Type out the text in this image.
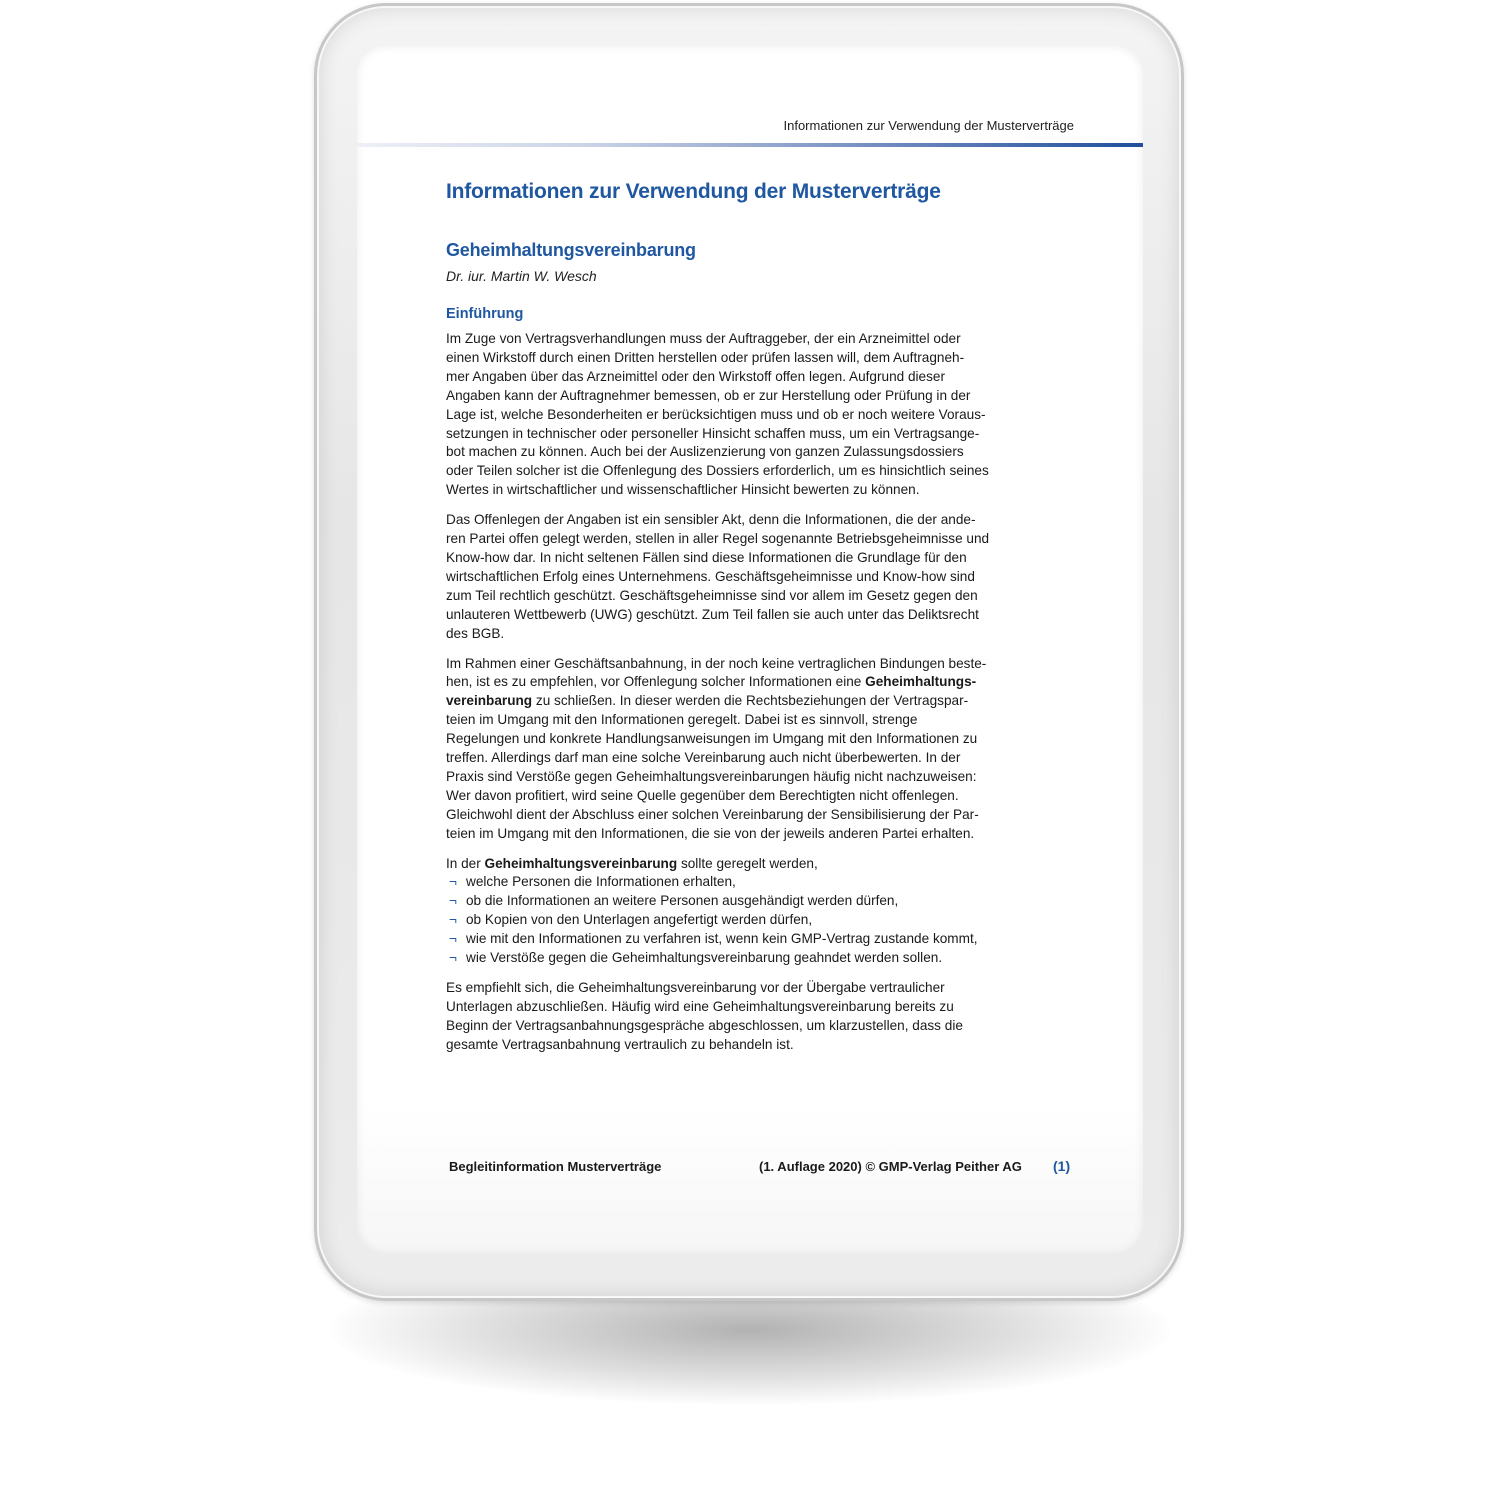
Informationen zur Verwendung der Musterverträge
Informationen zur Verwendung der Musterverträge
Geheimhaltungsvereinbarung

Dr. iur. Martin W. Wesch

Einführung

Im Zuge von Vertragsverhandlungen muss der Auftraggeber, der ein Arzneimittel oder
einen Wirkstoff durch einen Dritten herstellen oder prüfen lassen will, dem Auftragneh-
mer Angaben über das Arzneimittel oder den Wirkstoff offen legen. Aufgrund dieser
Angaben kann der Auftragnehmer bemessen, ob er zur Herstellung oder Prüfung in der
Lage ist, welche Besonderheiten er berücksichtigen muss und ob er noch weitere Voraus-
setzungen in technischer oder personeller Hinsicht schaffen muss, um ein Vertragsange-
bot machen zu können. Auch bei der Auslizenzierung von ganzen Zulassungsdossiers
oder Teilen solcher ist die Offenlegung des Dossiers erforderlich, um es hinsichtlich seines
Wertes in wirtschaftlicher und wissenschaftlicher Hinsicht bewerten zu können.

Das Offenlegen der Angaben ist ein sensibler Akt, denn die Informationen, die der ande-
ren Partei offen gelegt werden, stellen in aller Regel sogenannte Betriebsgeheimnisse und
Know-how dar. In nicht seltenen Fällen sind diese Informationen die Grundlage für den
wirtschaftlichen Erfolg eines Unternehmens. Geschäftsgeheimnisse und Know-how sind
zum Teil rechtlich geschützt. Geschäftsgeheimnisse sind vor allem im Gesetz gegen den
unlauteren Wettbewerb (UWG) geschützt. Zum Teil fallen sie auch unter das Deliktsrecht
des BGB.

Im Rahmen einer Geschäftsanbahnung, in der noch keine vertraglichen Bindungen beste-
hen, ist es zu empfehlen, vor Offenlegung solcher Informationen eine Geheimhaltungs-
vereinbarung zu schließen. In dieser werden die Rechtsbeziehungen der Vertragspar-
teien im Umgang mit den Informationen geregelt. Dabei ist es sinnvoll, strenge
Regelungen und konkrete Handlungsanweisungen im Umgang mit den Informationen zu
treffen. Allerdings darf man eine solche Vereinbarung auch nicht überbewerten. In der
Praxis sind Verstöße gegen Geheimhaltungsvereinbarungen häufig nicht nachzuweisen:
Wer davon profitiert, wird seine Quelle gegenüber dem Berechtigten nicht offenlegen.
Gleichwohl dient der Abschluss einer solchen Vereinbarung der Sensibilisierung der Par-
teien im Umgang mit den Informationen, die sie von der jeweils anderen Partei erhalten.

In der Geheimhaltungsvereinbarung sollte geregelt werden,

¬ welche Personen die Informationen erhalten,
¬ ob die Informationen an weitere Personen ausgehändigt werden dürfen,
¬ ob Kopien von den Unterlagen angefertigt werden dürfen,
¬ wie mit den Informationen zu verfahren ist, wenn kein GMP-Vertrag zustande kommt,
¬ wie Verstöße gegen die Geheimhaltungsvereinbarung geahndet werden sollen.

Es empfiehlt sich, die Geheimhaltungsvereinbarung vor der Übergabe vertraulicher
Unterlagen abzuschließen. Häufig wird eine Geheimhaltungsvereinbarung bereits zu
Beginn der Vertragsanbahnungsgespräche abgeschlossen, um klarzustellen, dass die
gesamte Vertragsanbahnung vertraulich zu behandeln ist.

Begleitinformation Musterverträge	(1. Auflage 2020) © GMP-Verlag Peither AG (1)
